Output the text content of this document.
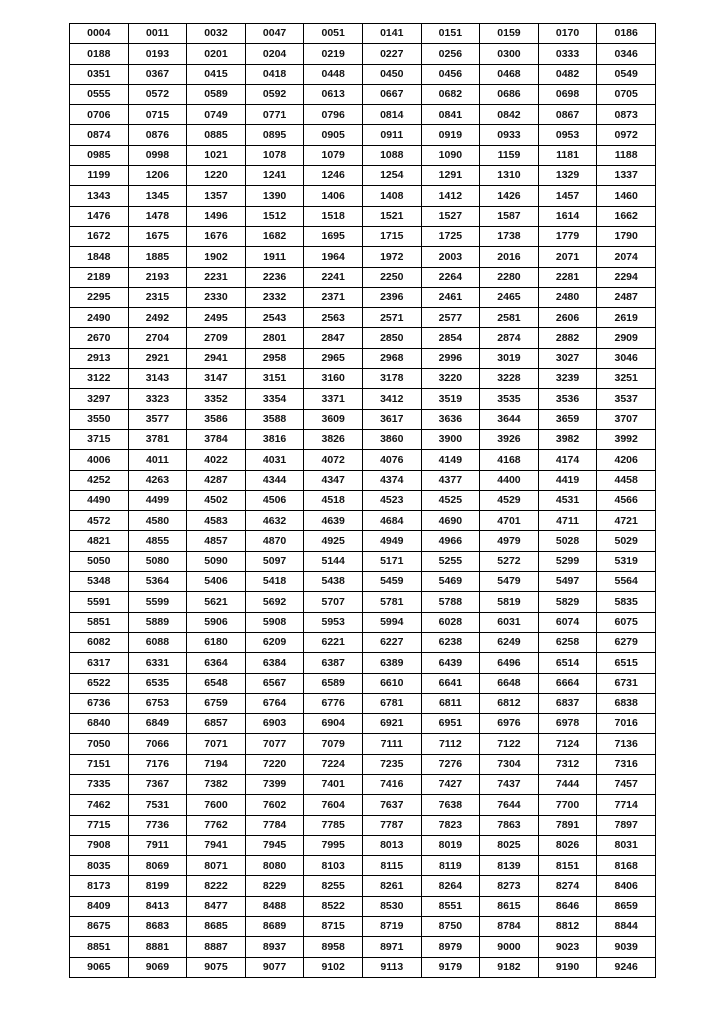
0004	0011	0032	0047	0051	0141	0151	0159	0170	0186
0188	0193	0201	0204	0219	0227	0256	0300	0333	0346
0351	0367	0415	0418	0448	0450	0456	0468	0482	0549
0555	0572	0589	0592	0613	0667	0682	0686	0698	0705
0706	0715	0749	0771	0796	0814	0841	0842	0867	0873
0874	0876	0885	0895	0905	0911	0919	0933	0953	0972
0985	0998	1021	1078	1079	1088	1090	1159	1181	1188
1199	1206	1220	1241	1246	1254	1291	1310	1329	1337
1343	1345	1357	1390	1406	1408	1412	1426	1457	1460
1476	1478	1496	1512	1518	1521	1527	1587	1614	1662
1672	1675	1676	1682	1695	1715	1725	1738	1779	1790
1848	1885	1902	1911	1964	1972	2003	2016	2071	2074
2189	2193	2231	2236	2241	2250	2264	2280	2281	2294
2295	2315	2330	2332	2371	2396	2461	2465	2480	2487
2490	2492	2495	2543	2563	2571	2577	2581	2606	2619
2670	2704	2709	2801	2847	2850	2854	2874	2882	2909
2913	2921	2941	2958	2965	2968	2996	3019	3027	3046
3122	3143	3147	3151	3160	3178	3220	3228	3239	3251
3297	3323	3352	3354	3371	3412	3519	3535	3536	3537
3550	3577	3586	3588	3609	3617	3636	3644	3659	3707
3715	3781	3784	3816	3826	3860	3900	3926	3982	3992
4006	4011	4022	4031	4072	4076	4149	4168	4174	4206
4252	4263	4287	4344	4347	4374	4377	4400	4419	4458
4490	4499	4502	4506	4518	4523	4525	4529	4531	4566
4572	4580	4583	4632	4639	4684	4690	4701	4711	4721
4821	4855	4857	4870	4925	4949	4966	4979	5028	5029
5050	5080	5090	5097	5144	5171	5255	5272	5299	5319
5348	5364	5406	5418	5438	5459	5469	5479	5497	5564
5591	5599	5621	5692	5707	5781	5788	5819	5829	5835
5851	5889	5906	5908	5953	5994	6028	6031	6074	6075
6082	6088	6180	6209	6221	6227	6238	6249	6258	6279
6317	6331	6364	6384	6387	6389	6439	6496	6514	6515
6522	6535	6548	6567	6589	6610	6641	6648	6664	6731
6736	6753	6759	6764	6776	6781	6811	6812	6837	6838
6840	6849	6857	6903	6904	6921	6951	6976	6978	7016
7050	7066	7071	7077	7079	7111	7112	7122	7124	7136
7151	7176	7194	7220	7224	7235	7276	7304	7312	7316
7335	7367	7382	7399	7401	7416	7427	7437	7444	7457
7462	7531	7600	7602	7604	7637	7638	7644	7700	7714
7715	7736	7762	7784	7785	7787	7823	7863	7891	7897
7908	7911	7941	7945	7995	8013	8019	8025	8026	8031
8035	8069	8071	8080	8103	8115	8119	8139	8151	8168
8173	8199	8222	8229	8255	8261	8264	8273	8274	8406
8409	8413	8477	8488	8522	8530	8551	8615	8646	8659
8675	8683	8685	8689	8715	8719	8750	8784	8812	8844
8851	8881	8887	8937	8958	8971	8979	9000	9023	9039
9065	9069	9075	9077	9102	9113	9179	9182	9190	9246
